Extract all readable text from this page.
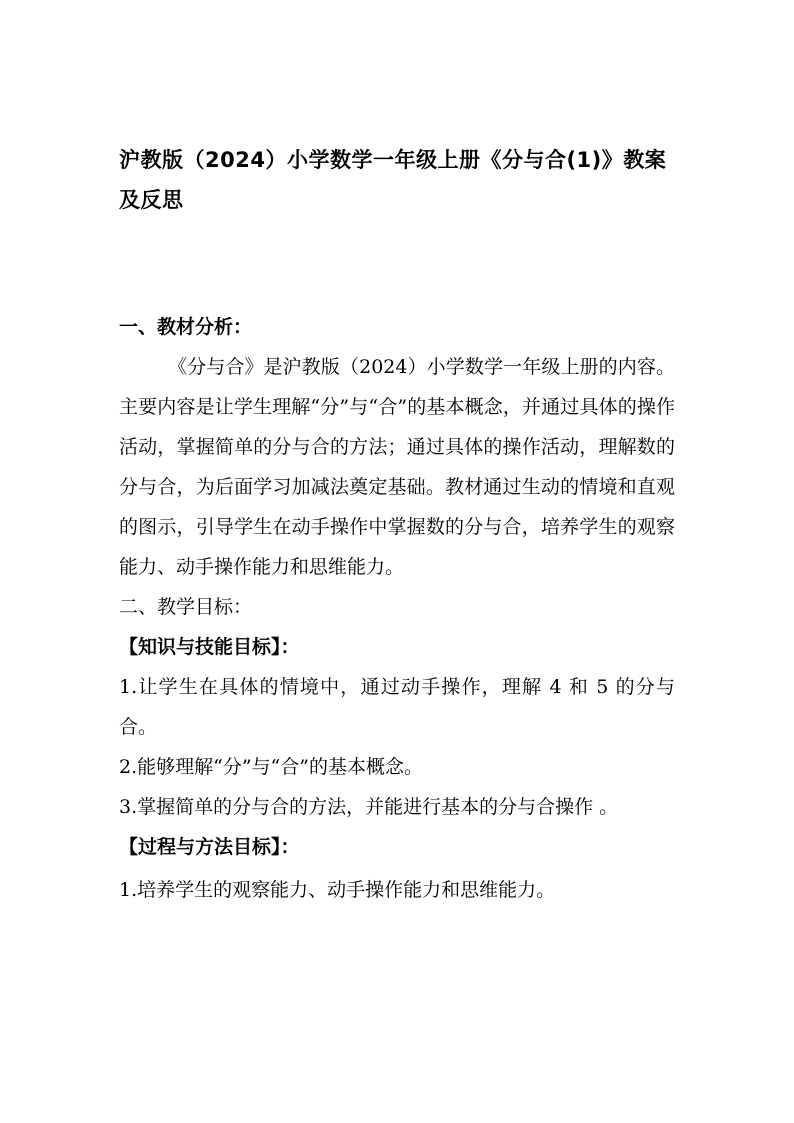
沪教版（2024）小学数学一年级上册《分与合(1)》教案及反思
一、教材分析：
《分与合》是沪教版（2024）小学数学一年级上册的内容。主要内容是让学生理解“分”与“合”的基本概念，并通过具体的操作活动，掌握简单的分与合的方法；通过具体的操作活动，理解数的分与合，为后面学习加减法奠定基础。教材通过生动的情境和直观的图示，引导学生在动手操作中掌握数的分与合，培养学生的观察能力、动手操作能力和思维能力。
二、教学目标：
【知识与技能目标】：
1.让学生在具体的情境中，通过动手操作，理解 4 和 5 的分与合。
2.能够理解“分”与“合”的基本概念。
3.掌握简单的分与合的方法，并能进行基本的分与合操作 。
【过程与方法目标】：
1.培养学生的观察能力、动手操作能力和思维能力。
